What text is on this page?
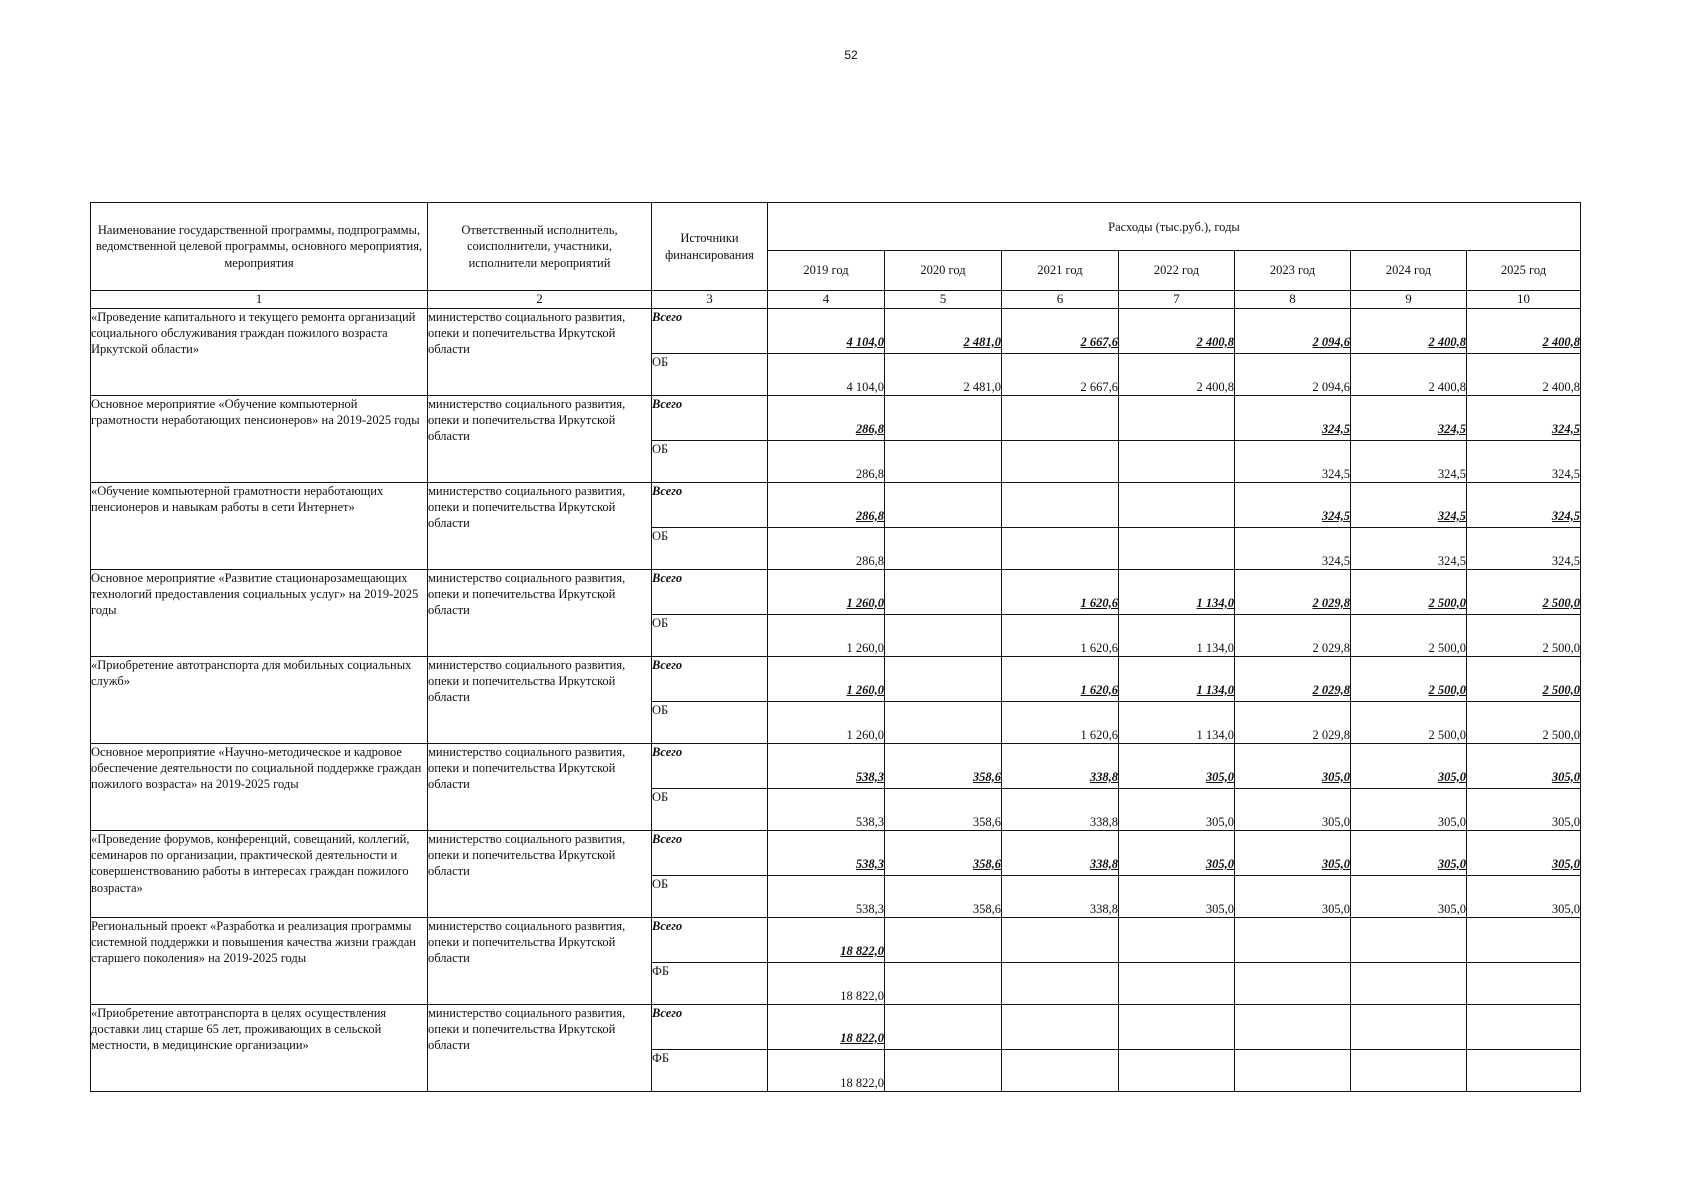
52
Наименование государственной программы, подпрограммы, ведомственной целевой программы, основного мероприятия, мероприятия	Ответственный исполнитель, соисполнители, участники, исполнители мероприятий	Источники финансирования	Расходы (тыс.руб.), годы						
			2019 год	2020 год	2021 год	2022 год	2023 год	2024 год	2025 год
1	2	3	4	5	6	7	8	9	10
«Проведение капитального и текущего ремонта организаций социального обслуживания граждан пожилого возраста Иркутской области»	министерство социального развития, опеки и попечительства Иркутской области	Всего	4 104,0	2 481,0	2 667,6	2 400,8	2 094,6	2 400,8	2 400,8
		ОБ	4 104,0	2 481,0	2 667,6	2 400,8	2 094,6	2 400,8	2 400,8
Основное мероприятие «Обучение компьютерной грамотности неработающих пенсионеров» на 2019-2025 годы	министерство социального развития, опеки и попечительства Иркутской области	Всего	286,8				324,5	324,5	324,5
		ОБ	286,8				324,5	324,5	324,5
«Обучение компьютерной грамотности неработающих пенсионеров и навыкам работы в сети Интернет»	министерство социального развития, опеки и попечительства Иркутской области	Всего	286,8				324,5	324,5	324,5
		ОБ	286,8				324,5	324,5	324,5
Основное мероприятие «Развитие стационарозамещающих технологий предоставления социальных услуг» на 2019-2025 годы	министерство социального развития, опеки и попечительства Иркутской области	Всего	1 260,0		1 620,6	1 134,0	2 029,8	2 500,0	2 500,0
		ОБ	1 260,0		1 620,6	1 134,0	2 029,8	2 500,0	2 500,0
«Приобретение автотранспорта для мобильных социальных служб»	министерство социального развития, опеки и попечительства Иркутской области	Всего	1 260,0		1 620,6	1 134,0	2 029,8	2 500,0	2 500,0
		ОБ	1 260,0		1 620,6	1 134,0	2 029,8	2 500,0	2 500,0
Основное мероприятие «Научно-методическое и кадровое обеспечение деятельности по социальной поддержке граждан пожилого возраста» на 2019-2025 годы	министерство социального развития, опеки и попечительства Иркутской области	Всего	538,3	358,6	338,8	305,0	305,0	305,0	305,0
		ОБ	538,3	358,6	338,8	305,0	305,0	305,0	305,0
«Проведение форумов, конференций, совещаний, коллегий, семинаров по организации, практической деятельности и совершенствованию работы в интересах граждан пожилого возраста»	министерство социального развития, опеки и попечительства Иркутской области	Всего	538,3	358,6	338,8	305,0	305,0	305,0	305,0
		ОБ	538,3	358,6	338,8	305,0	305,0	305,0	305,0
Региональный проект «Разработка и реализация программы системной поддержки и повышения качества жизни граждан старшего поколения» на 2019-2025 годы	министерство социального развития, опеки и попечительства Иркутской области	Всего	18 822,0						
		ФБ	18 822,0						
«Приобретение автотранспорта в целях осуществления доставки лиц старше 65 лет, проживающих в сельской местности, в медицинские организации»	министерство социального развития, опеки и попечительства Иркутской области	Всего	18 822,0						
		ФБ	18 822,0						
